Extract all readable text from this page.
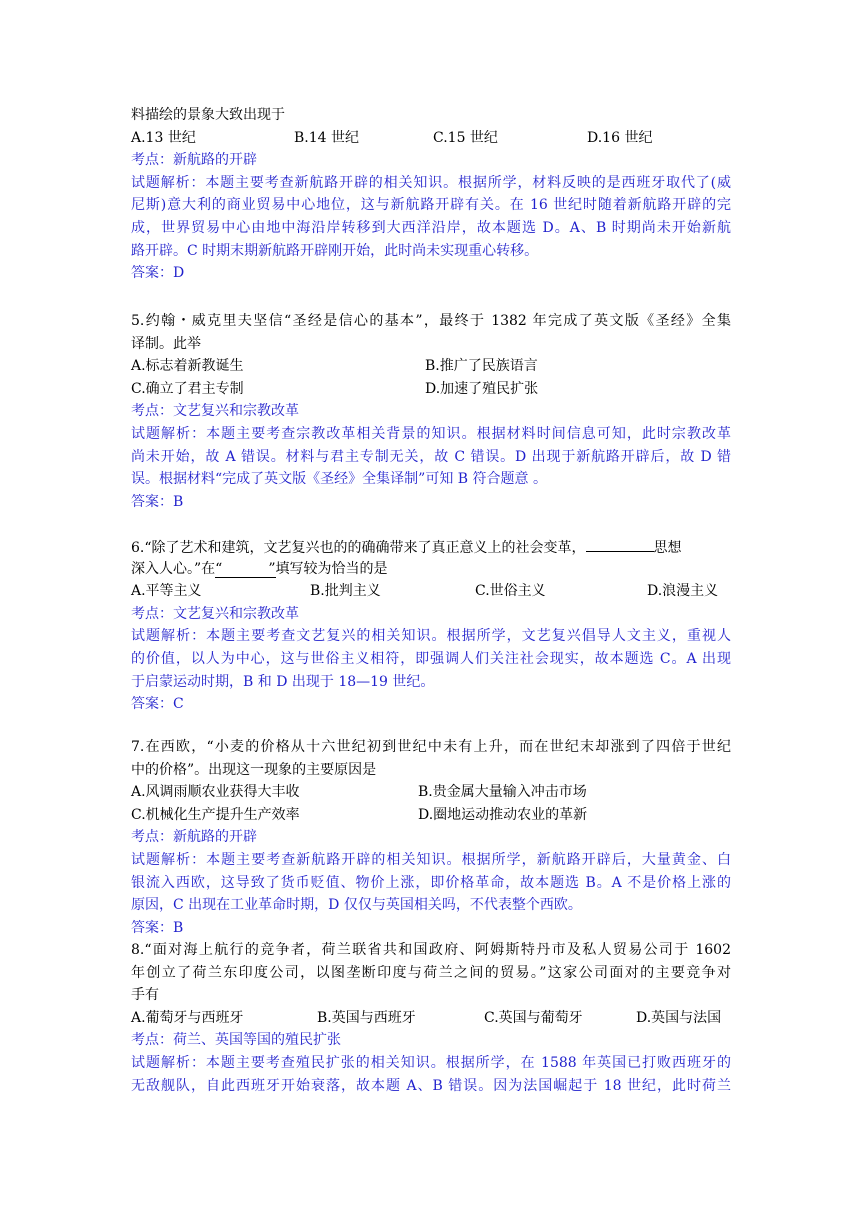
料描绘的景象大致出现于
A.13 世纪	B.14 世纪	C.15 世纪	D.16 世纪
考点：新航路的开辟
试题解析：本题主要考查新航路开辟的相关知识。根据所学，材料反映的是西班牙取代了(威
尼斯)意大利的商业贸易中心地位，这与新航路开辟有关。在 16 世纪时随着新航路开辟的完
成，世界贸易中心由地中海沿岸转移到大西洋沿岸，故本题选 D。A、B 时期尚未开始新航
路开辟。C 时期末期新航路开辟刚开始，此时尚未实现重心转移。
答案：D
5.约翰・威克里夫坚信“圣经是信心的基本”，最终于 1382 年完成了英文版《圣经》全集
译制。此举
A.标志着新教诞生	B.推广了民族语言
C.确立了君主专制	D.加速了殖民扩张
考点：文艺复兴和宗教改革
试题解析：本题主要考查宗教改革相关背景的知识。根据材料时间信息可知，此时宗教改革
尚未开始，故 A 错误。材料与君主专制无关，故 C 错误。D 出现于新航路开辟后，故 D 错
误。根据材料“完成了英文版《圣经》全集译制”可知 B 符合题意 。
答案：B
6.“除了艺术和建筑，文艺复兴也的的确确带来了真正意义上的社会变革，	思想
深入人心。”在“	”填写较为恰当的是
A.平等主义	B.批判主义	C.世俗主义	D.浪漫主义
考点：文艺复兴和宗教改革
试题解析：本题主要考查文艺复兴的相关知识。根据所学，文艺复兴倡导人文主义，重视人
的价值，以人为中心，这与世俗主义相符，即强调人们关注社会现实，故本题选 C。A 出现
于启蒙运动时期，B 和 D 出现于 18—19 世纪。
答案：C
7.在西欧，“小麦的价格从十六世纪初到世纪中未有上升，而在世纪末却涨到了四倍于世纪
中的价格”。出现这一现象的主要原因是
A.风调雨顺农业获得大丰收	B.贵金属大量输入冲击市场
C.机械化生产提升生产效率	D.圈地运动推动农业的革新
考点：新航路的开辟
试题解析：本题主要考查新航路开辟的相关知识。根据所学，新航路开辟后，大量黄金、白
银流入西欧，这导致了货币贬值、物价上涨，即价格革命，故本题选 B。A 不是价格上涨的
原因，C 出现在工业革命时期，D 仅仅与英国相关吗，不代表整个西欧。
答案：B
8.“面对海上航行的竞争者，荷兰联省共和国政府、阿姆斯特丹市及私人贸易公司于 1602
年创立了荷兰东印度公司，以图垄断印度与荷兰之间的贸易。”这家公司面对的主要竞争对
手有
A.葡萄牙与西班牙	B.英国与西班牙	C.英国与葡萄牙	D.英国与法国
考点：荷兰、英国等国的殖民扩张
试题解析：本题主要考查殖民扩张的相关知识。根据所学，在 1588 年英国已打败西班牙的
无敌舰队，自此西班牙开始衰落，故本题 A、B 错误。因为法国崛起于 18 世纪，此时荷兰
